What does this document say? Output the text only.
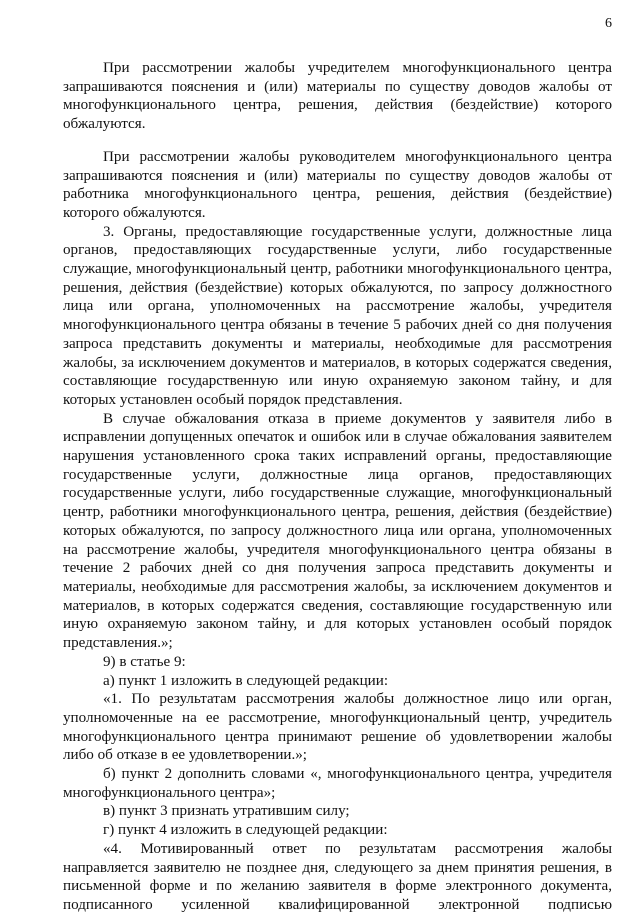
6

При рассмотрении жалобы учредителем многофункционального центра запрашиваются пояснения и (или) материалы по существу доводов жалобы от многофункционального центра, решения, действия (бездействие) которого обжалуются.

При рассмотрении жалобы руководителем многофункционального центра запрашиваются пояснения и (или) материалы по существу доводов жалобы от работника многофункционального центра, решения, действия (бездействие) которого обжалуются.

3. Органы, предоставляющие государственные услуги, должностные лица органов, предоставляющих государственные услуги, либо государственные служащие, многофункциональный центр, работники многофункционального центра, решения, действия (бездействие) которых обжалуются, по запросу должностного лица или органа, уполномоченных на рассмотрение жалобы, учредителя многофункционального центра обязаны в течение 5 рабочих дней со дня получения запроса представить документы и материалы, необходимые для рассмотрения жалобы, за исключением документов и материалов, в которых содержатся сведения, составляющие государственную или иную охраняемую законом тайну, и для которых установлен особый порядок представления.

В случае обжалования отказа в приеме документов у заявителя либо в исправлении допущенных опечаток и ошибок или в случае обжалования заявителем нарушения установленного срока таких исправлений органы, предоставляющие государственные услуги, должностные лица органов, предоставляющих государственные услуги, либо государственные служащие, многофункциональный центр, работники многофункционального центра, решения, действия (бездействие) которых обжалуются, по запросу должностного лица или органа, уполномоченных на рассмотрение жалобы, учредителя многофункционального центра обязаны в течение 2 рабочих дней со дня получения запроса представить документы и материалы, необходимые для рассмотрения жалобы, за исключением документов и материалов, в которых содержатся сведения, составляющие государственную или иную охраняемую законом тайну, и для которых установлен особый порядок представления.»;

9) в статье 9:

а) пункт 1 изложить в следующей редакции:

«1. По результатам рассмотрения жалобы должностное лицо или орган, уполномоченные на ее рассмотрение, многофункциональный центр, учредитель многофункционального центра принимают решение об удовлетворении жалобы либо об отказе в ее удовлетворении.»;

б) пункт 2 дополнить словами «, многофункционального центра, учредителя многофункционального центра»;

в) пункт 3 признать утратившим силу;

г) пункт 4 изложить в следующей редакции:

«4. Мотивированный ответ по результатам рассмотрения жалобы направляется заявителю не позднее дня, следующего за днем принятия решения, в письменной форме и по желанию заявителя в форме электронного документа, подписанного усиленной квалифицированной электронной подписью
